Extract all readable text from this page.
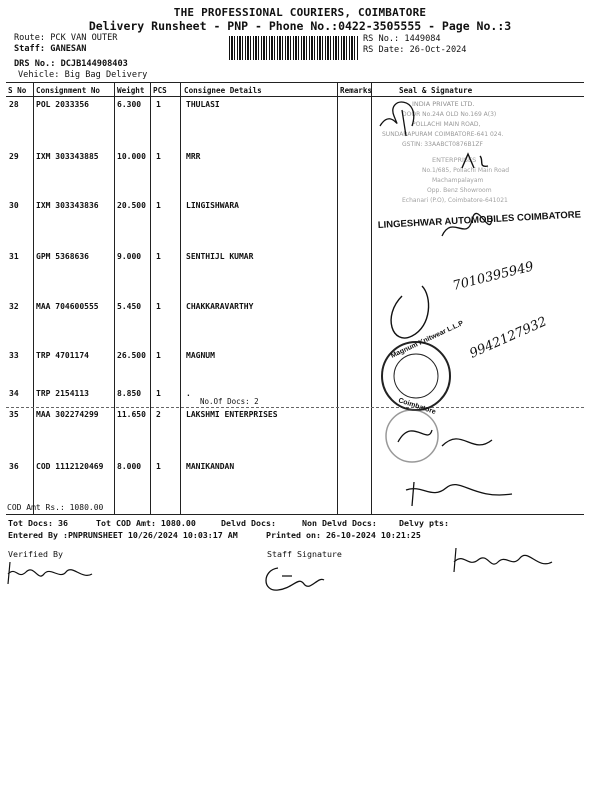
THE PROFESSIONAL COURIERS, COIMBATORE
Delivery Runsheet - PNP - Phone No.:0422-3505555 - Page No.:3
Route: PCK VAN OUTER
Staff: GANESAN
DRS No.: DCJB144908403
Vehicle: Big Bag Delivery
RS No.: 1449084
RS Date: 26-Oct-2024
S No Consignment No Weight PCS Consignee Details	Remarks	Seal & Signature
28 POL 2033356	6.300 1	THULASI
29 IXM 303343885 10.000 1	MRR
30 IXM 303343836 20.500 1	LINGISHWARA
31 GPM 5368636	9.000 1	SENTHIJL KUMAR
32 MAA 704600555 5.450 1	CHAKKARAVARTHY
33 TRP 4701174	26.500 1	MAGNUM
34 TRP 2154113	8.850 1	.
No.Of Docs: 2
35 MAA 302274299 11.650 2	LAKSHMI ENTERPRISES
36 COD 1112120469 8.000 1	MANIKANDAN
COD Amt Rs.: 1080.00
INDIA PRIVATE LTD.
DOOR No.24A OLD No.169 A(3)
POLLACHI MAIN ROAD,
SUNDARAPURAM COIMBATORE-641 024.
GSTIN: 33AABCT0876B1ZF
ENTERPRISES
No.1/685, Pollachi Main Road
Machampalayam
Opp. Benz Showroom
Echanari (P.O), Coimbatore-641021
LINGESHWAR AUTOMOBILES COIMBATORE
7010395949
9942127932
Magnum Knitwear L.L.P
Coimbatore
Tot Docs: 36	Tot COD Amt: 1080.00	Delvd Docs:	Non Delvd Docs:	Delvy pts:
Entered By :PNPRUNSHEET 10/26/2024 10:03:17 AM	Printed on: 26-10-2024 10:21:25
Verified By	Staff Signature
